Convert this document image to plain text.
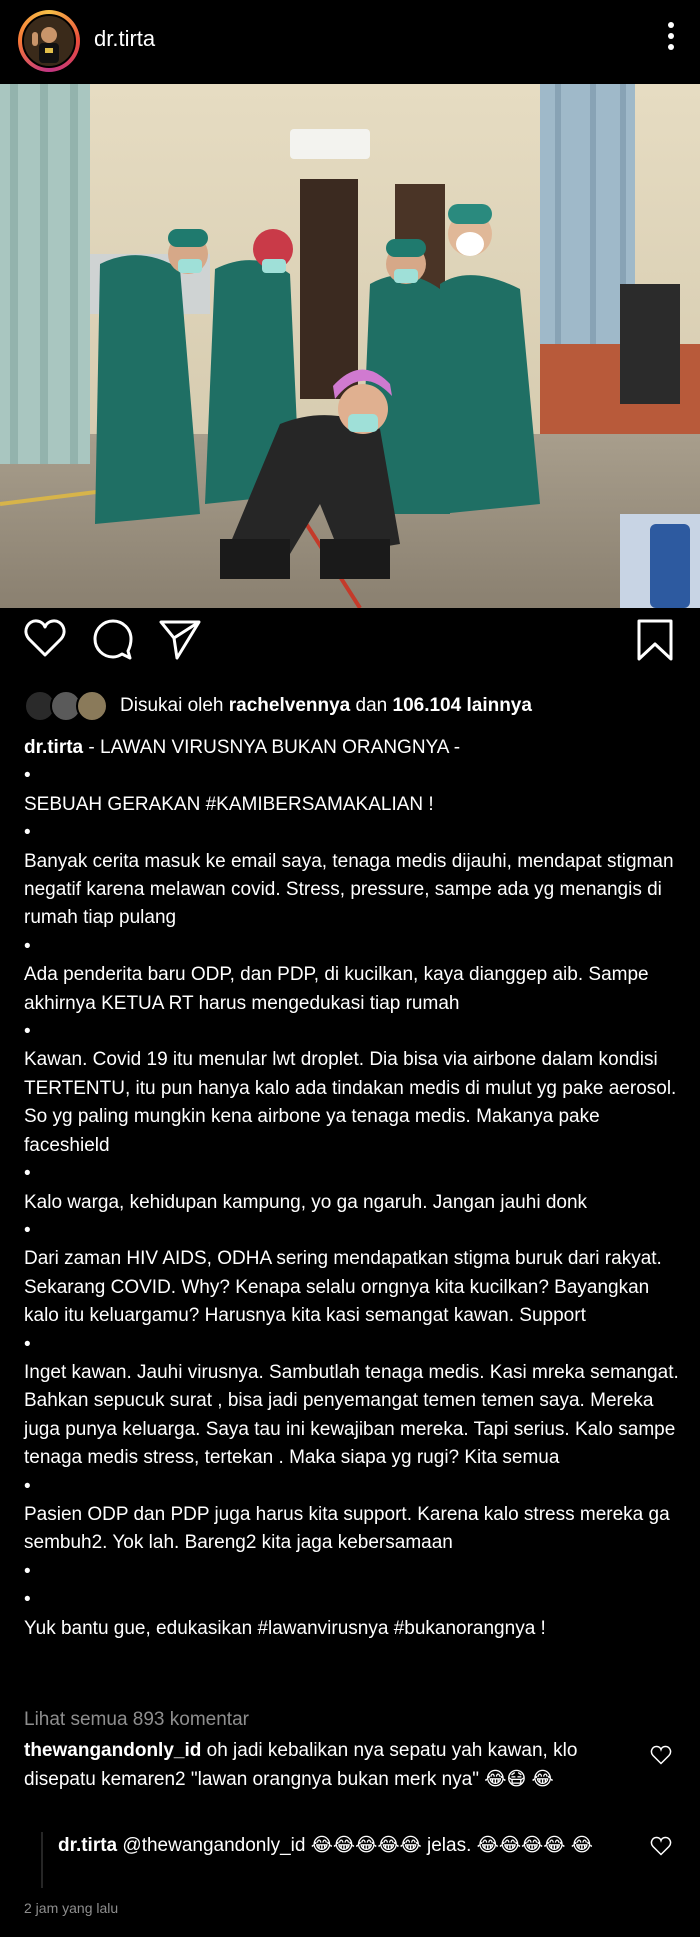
dr.tirta
Disukai oleh rachelvennya dan 106.104 lainnya

dr.tirta - LAWAN VIRUSNYA BUKAN ORANGNYA -

•

SEBUAH GERAKAN #KAMIBERSAMAKALIAN !

•

Banyak cerita masuk ke email saya, tenaga medis dijauhi, mendapat stigman negatif karena melawan covid. Stress, pressure, sampe ada yg menangis di rumah tiap pulang

•

Ada penderita baru ODP, dan PDP, di kucilkan, kaya dianggep aib. Sampe akhirnya KETUA RT harus mengedukasi tiap rumah

•

Kawan. Covid 19 itu menular lwt droplet. Dia bisa via airbone dalam kondisi TERTENTU, itu pun hanya kalo ada tindakan medis di mulut yg pake aerosol. So yg paling mungkin kena airbone ya tenaga medis. Makanya pake faceshield

•

Kalo warga, kehidupan kampung, yo ga ngaruh. Jangan jauhi donk

•

Dari zaman HIV AIDS, ODHA sering mendapatkan stigma buruk dari rakyat. Sekarang COVID. Why? Kenapa selalu orngnya kita kucilkan? Bayangkan kalo itu keluargamu? Harusnya kita kasi semangat kawan. Support

•

Inget kawan. Jauhi virusnya. Sambutlah tenaga medis. Kasi mreka semangat. Bahkan sepucuk surat , bisa jadi penyemangat temen temen saya. Mereka juga punya keluarga. Saya tau ini kewajiban mereka. Tapi serius. Kalo sampe tenaga medis stress, tertekan . Maka siapa yg rugi? Kita semua

•

Pasien ODP dan PDP juga harus kita support. Karena kalo stress mereka ga sembuh2. Yok lah. Bareng2 kita jaga kebersamaan

•

•

Yuk bantu gue, edukasikan #lawanvirusnya #bukanorangnya !

Lihat semua 893 komentar
thewangandonly_id oh jadi kebalikan nya sepatu yah kawan, klo disepatu kemaren2 "lawan orangnya bukan merk nya" 😂😷 😂
dr.tirta @thewangandonly_id 😂😂😂😂😂 jelas. 😂😂😂😂 😂
2 jam yang lalu
